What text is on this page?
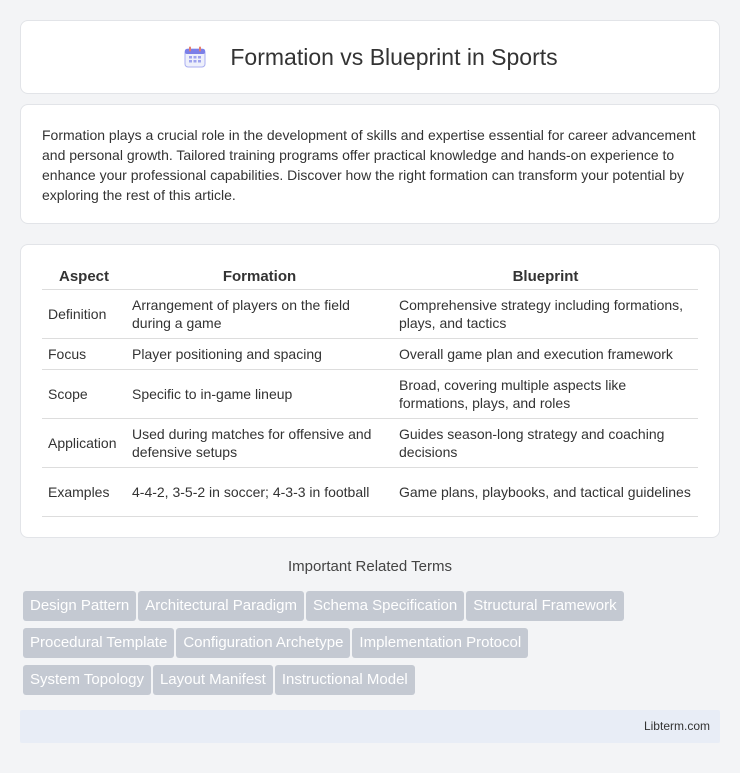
Formation vs Blueprint in Sports

Formation plays a crucial role in the development of skills and expertise essential for career advancement and personal growth. Tailored training programs offer practical knowledge and hands-on experience to enhance your professional capabilities. Discover how the right formation can transform your potential by exploring the rest of this article.

Aspect	Formation	Blueprint
Definition	Arrangement of players on the field during a game	Comprehensive strategy including formations, plays, and tactics
Focus	Player positioning and spacing	Overall game plan and execution framework
Scope	Specific to in-game lineup	Broad, covering multiple aspects like formations, plays, and roles
Application	Used during matches for offensive and defensive setups	Guides season-long strategy and coaching decisions
Examples	4-4-2, 3-5-2 in soccer; 4-3-3 in football	Game plans, playbooks, and tactical guidelines
Important Related Terms
Design Pattern Architectural Paradigm Schema Specification Structural Framework
Procedural Template Configuration Archetype Implementation Protocol
System Topology Layout Manifest Instructional Model
Libterm.com
